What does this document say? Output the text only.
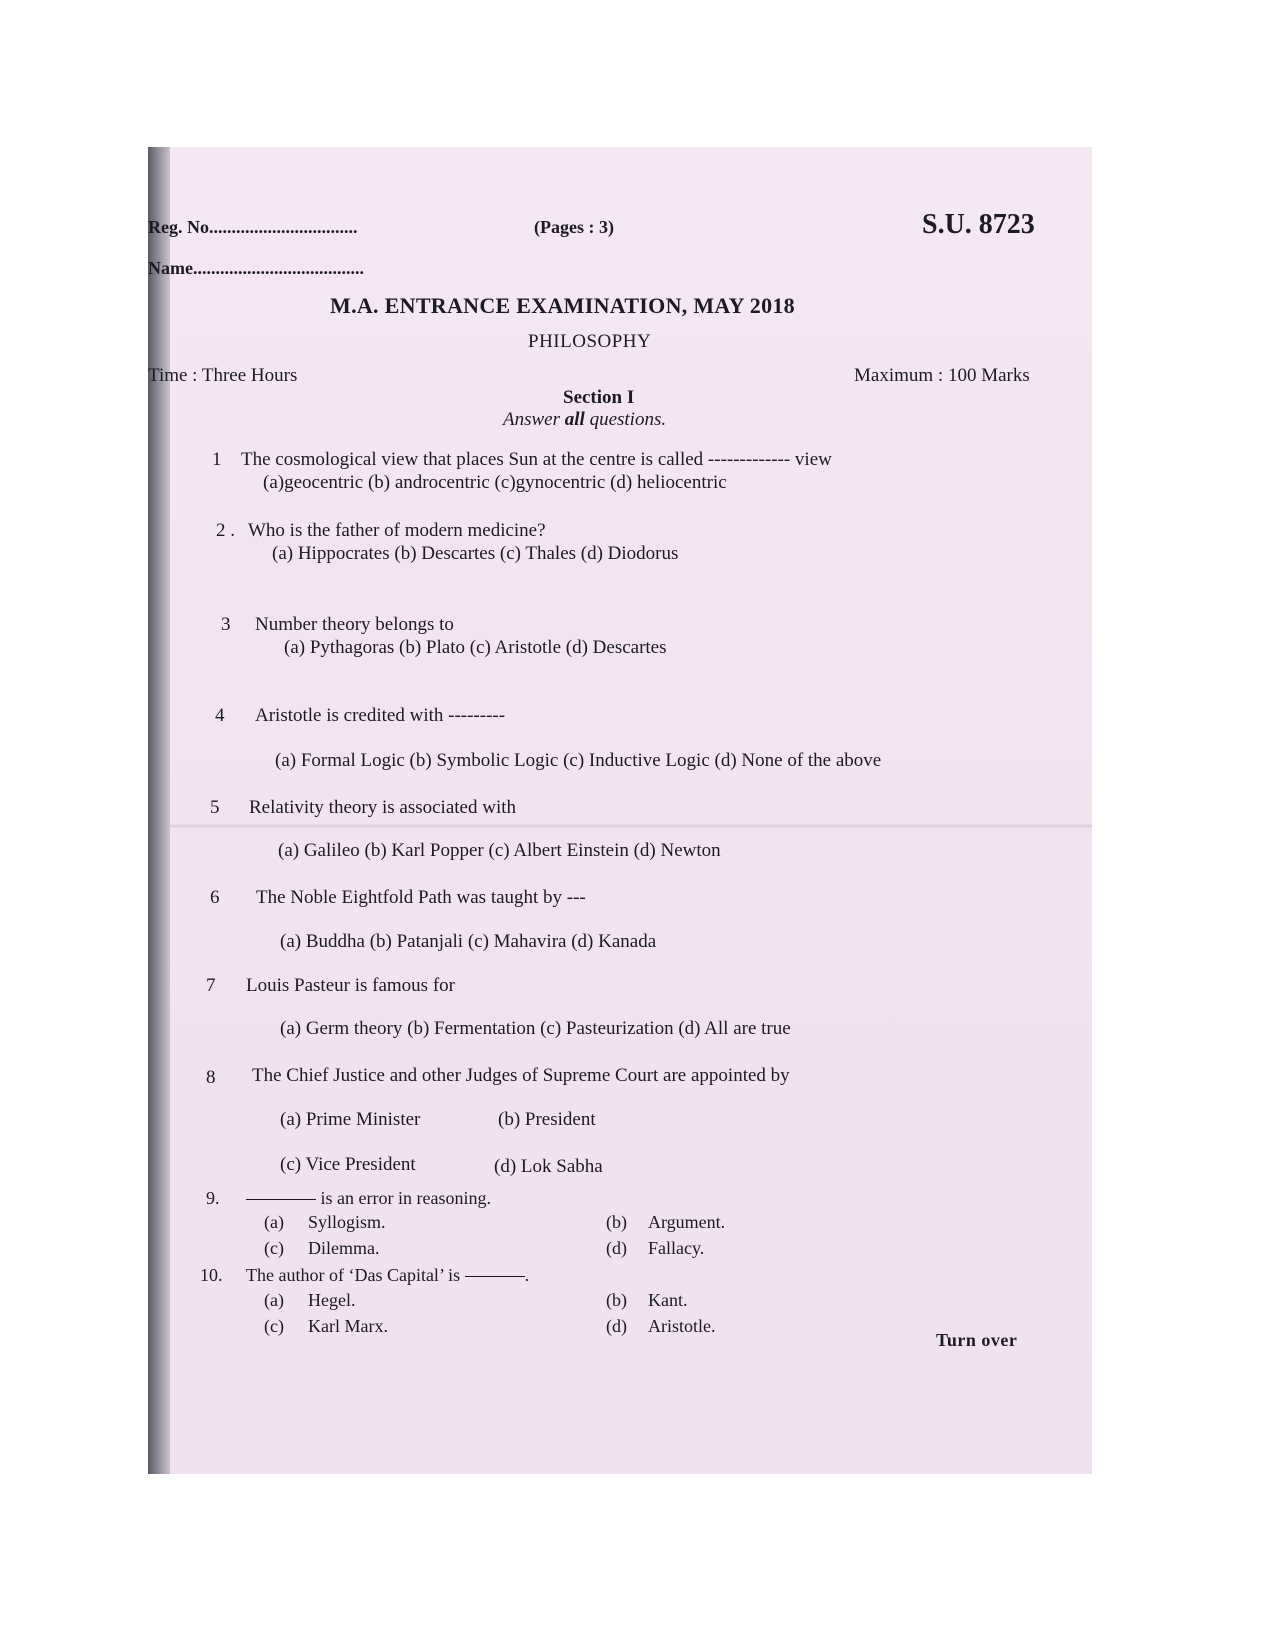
Reg. No.................................
Name......................................
(Pages : 3)	S.U. 8723
M.A. ENTRANCE EXAMINATION, MAY 2018
PHILOSOPHY
Time : Three Hours	Maximum : 100 Marks
Section I
Answer all questions.
1 The cosmological view that places Sun at the centre is called ------------- view
(a)geocentric (b) androcentric (c)gynocentric (d) heliocentric
2 . Who is the father of modern medicine?
(a) Hippocrates (b) Descartes (c) Thales (d) Diodorus
3 Number theory belongs to
(a) Pythagoras (b) Plato (c) Aristotle (d) Descartes
4 Aristotle is credited with ---------
(a) Formal Logic (b) Symbolic Logic (c) Inductive Logic (d) None of the above
5 Relativity theory is associated with
(a) Galileo (b) Karl Popper (c) Albert Einstein (d) Newton
6 The Noble Eightfold Path was taught by ---
(a) Buddha (b) Patanjali (c) Mahavira (d) Kanada
7 Louis Pasteur is famous for
(a) Germ theory (b) Fermentation (c) Pasteurization (d) All are true
8 The Chief Justice and other Judges of Supreme Court are appointed by
(a) Prime Minister	(b) President
(c) Vice President	(d) Lok Sabha
9.	is an error in reasoning.
(a) Syllogism.	(b) Argument.
(c) Dilemma.	(d) Fallacy.
10. The author of ‘Das Capital’ is	.
(a) Hegel.	(b) Kant.
(c) Karl Marx.	(d) Aristotle.
Turn over
